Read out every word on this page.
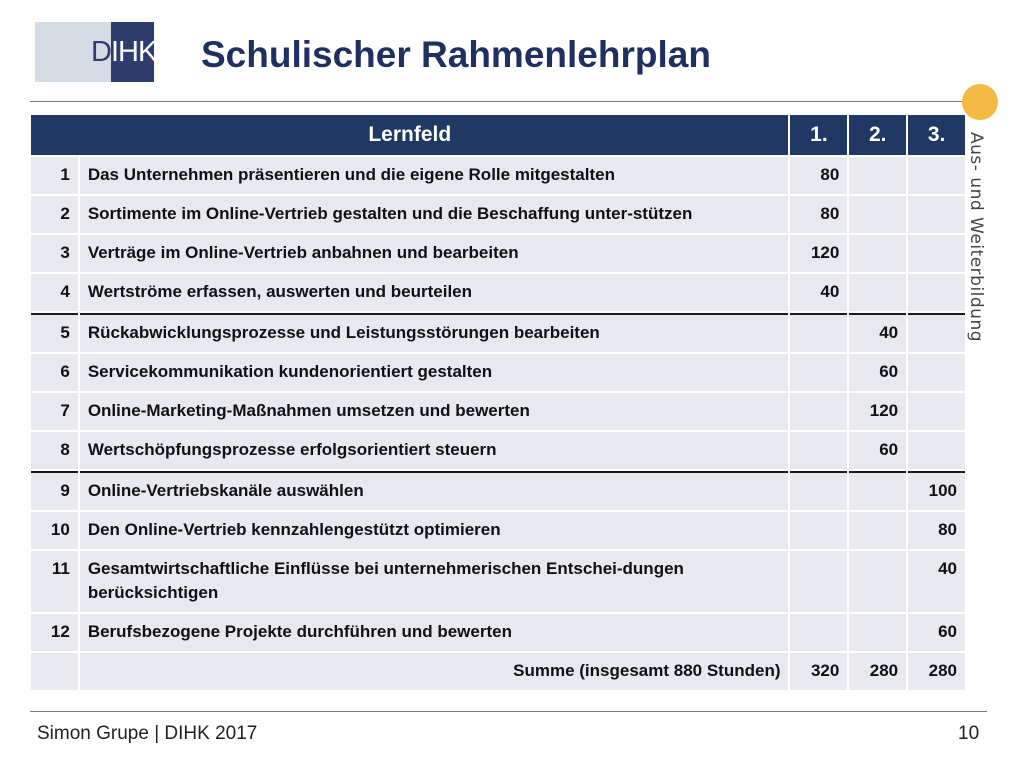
D IHK Schulischer Rahmenlehrplan
Aus- und Weiterbildung
Lernfeld		1.	2.	3.
1	Das Unternehmen präsentieren und die eigene Rolle mitgestalten	80		
2	Sortimente im Online-Vertrieb gestalten und die Beschaffung unter-stützen	80		
3	Verträge im Online-Vertrieb anbahnen und bearbeiten	120		
4	Wertströme erfassen, auswerten und beurteilen	40		
5	Rückabwicklungsprozesse und Leistungsstörungen bearbeiten		40	
6	Servicekommunikation kundenorientiert gestalten		60	
7	Online-Marketing-Maßnahmen umsetzen und bewerten		120	
8	Wertschöpfungsprozesse erfolgsorientiert steuern		60	
9	Online-Vertriebskanäle auswählen			100
10	Den Online-Vertrieb kennzahlengestützt optimieren			80
11	Gesamtwirtschaftliche Einflüsse bei unternehmerischen Entschei-dungen berücksichtigen			40
12	Berufsbezogene Projekte durchführen und bewerten			60
	Summe (insgesamt 880 Stunden)	320	280	280
Simon Grupe | DIHK 2017	10
